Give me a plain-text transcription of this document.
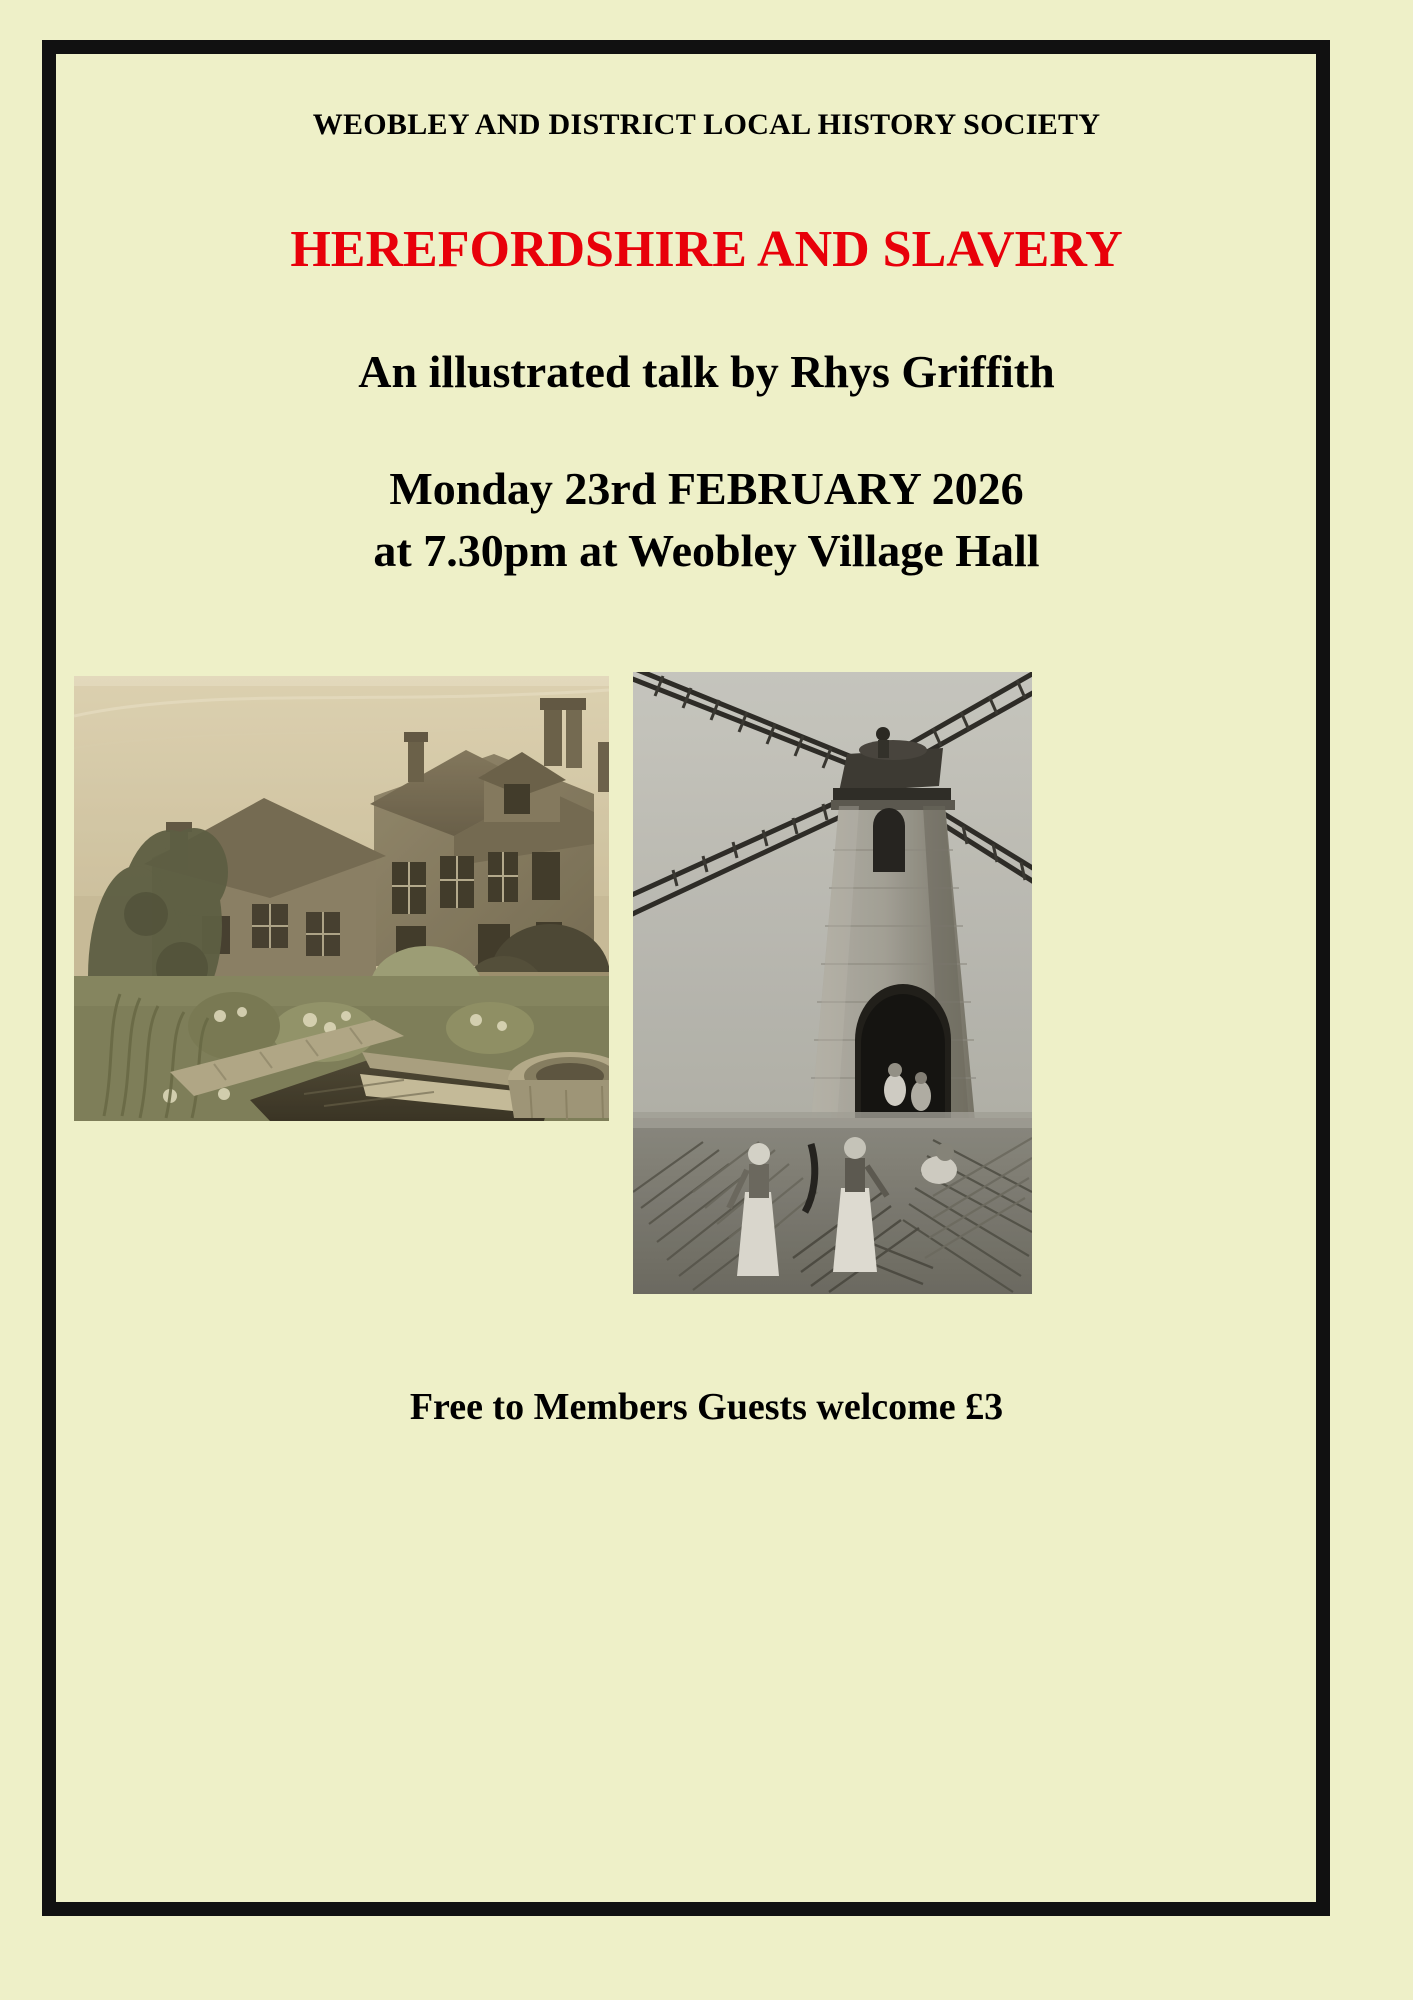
WEOBLEY AND DISTRICT LOCAL HISTORY SOCIETY
HEREFORDSHIRE AND SLAVERY
An illustrated talk by Rhys Griffith
Monday 23rd FEBRUARY 2026
at 7.30pm at Weobley Village Hall
Free to Members Guests welcome £3
